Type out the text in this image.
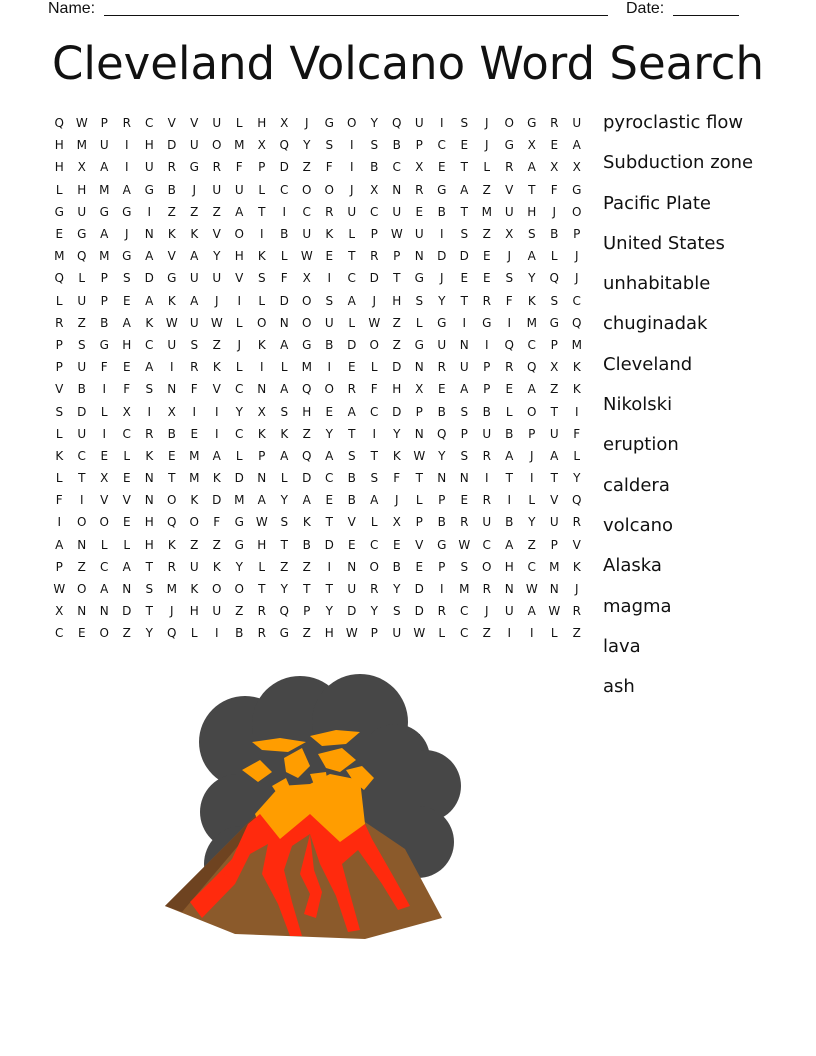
Name:	Date:
Cleveland Volcano Word Search
Q W	P	R	C	V	V	U	L	H	X	J	G	O	Y	Q	U	I	S	J	O	G	R	U
H	M	U	I	H	D	U	O	M	X	Q	Y	S	I	S	B	P	C	E	J	G	X	E	A
H	X	A	I	U	R	G	R	F	P	D	Z	F	I	B	C	X	E	T	L	R	A	X	X
L	H	M	A	G	B	J	U	U	L	C	O	O	J	X	N	R	G	A	Z	V	T	F	G
G	U	G	G	I	Z	Z	Z	A	T	I	C	R	U	C	U	E	B	T	M	U	H	J	O
E	G	A	J	N	K	K	V	O	I	B	U	K	L	P	W	U	I	S	Z	X	S	B	P
M	Q	M	G	A	V	A	Y	H	K	L	W	E	T	R	P	N	D	D	E	J	A	L	J
Q	L	P	S	D	G	U	U	V	S	F	X	I	C	D	T	G	J	E	E	S	Y	Q	J
L	U	P	E	A	K	A	J	I	L	D	O	S	A	J	H	S	Y	T	R	F	K	S	C
R	Z	B	A	K	W	U	W	L	O	N	O	U	L	W	Z	L	G	I	G	I	M	G	Q
P	S	G	H	C	U	S	Z	J	K	A	G	B	D	O	Z	G	U	N	I	Q	C	P	M
P	U	F	E	A	I	R	K	L	I	L	M	I	E	L	D	N	R	U	P	R	Q	X	K
V	B	I	F	S	N	F	V	C	N	A	Q	O	R	F	H	X	E	A	P	E	A	Z	K
S	D	L	X	I	X	I	I	Y	X	S	H	E	A	C	D	P	B	S	B	L	O	T	I
L	U	I	C	R	B	E	I	C	K	K	Z	Y	T	I	Y	N	Q	P	U	B	P	U	F
K	C	E	L	K	E	M	A	L	P	A	Q	A	S	T	K	W	Y	S	R	A	J	A	L
L	T	X	E	N	T	M	K	D	N	L	D	C	B	S	F	T	N	N	I	T	I	T	Y
F	I	V	V	N	O	K	D	M	A	Y	A	E	B	A	J	L	P	E	R	I	L	V	Q
I	O	O	E	H	Q	O	F	G W	S	K	T	V	L	X	P	B	R	U	B	Y	U	R
A	N	L	L	H	K	Z	Z	G	H	T	B	D	E	C	E	V	G W	C	A	Z	P	V
P	Z	C	A	T	R	U	K	Y	L	Z	Z	I	N	O	B	E	P	S	O	H	C	M	K
W O	A	N	S	M	K	O	O	T	Y	T	T	U	R	Y	D	I	M	R	N	W	N	J
X	N	N	D	T	J	H	U	Z	R	Q	P	Y	D	Y	S	D	R	C	J	U	A	W	R
C	E	O	Z	Y	Q	L	I	B	R	G	Z	H	W	P	U	W	L	C	Z	I	I	L	Z
pyroclastic flow
Subduction zone
Pacific Plate
United States
unhabitable
chuginadak
Cleveland
Nikolski
eruption
caldera
volcano
Alaska
magma
lava
ash
